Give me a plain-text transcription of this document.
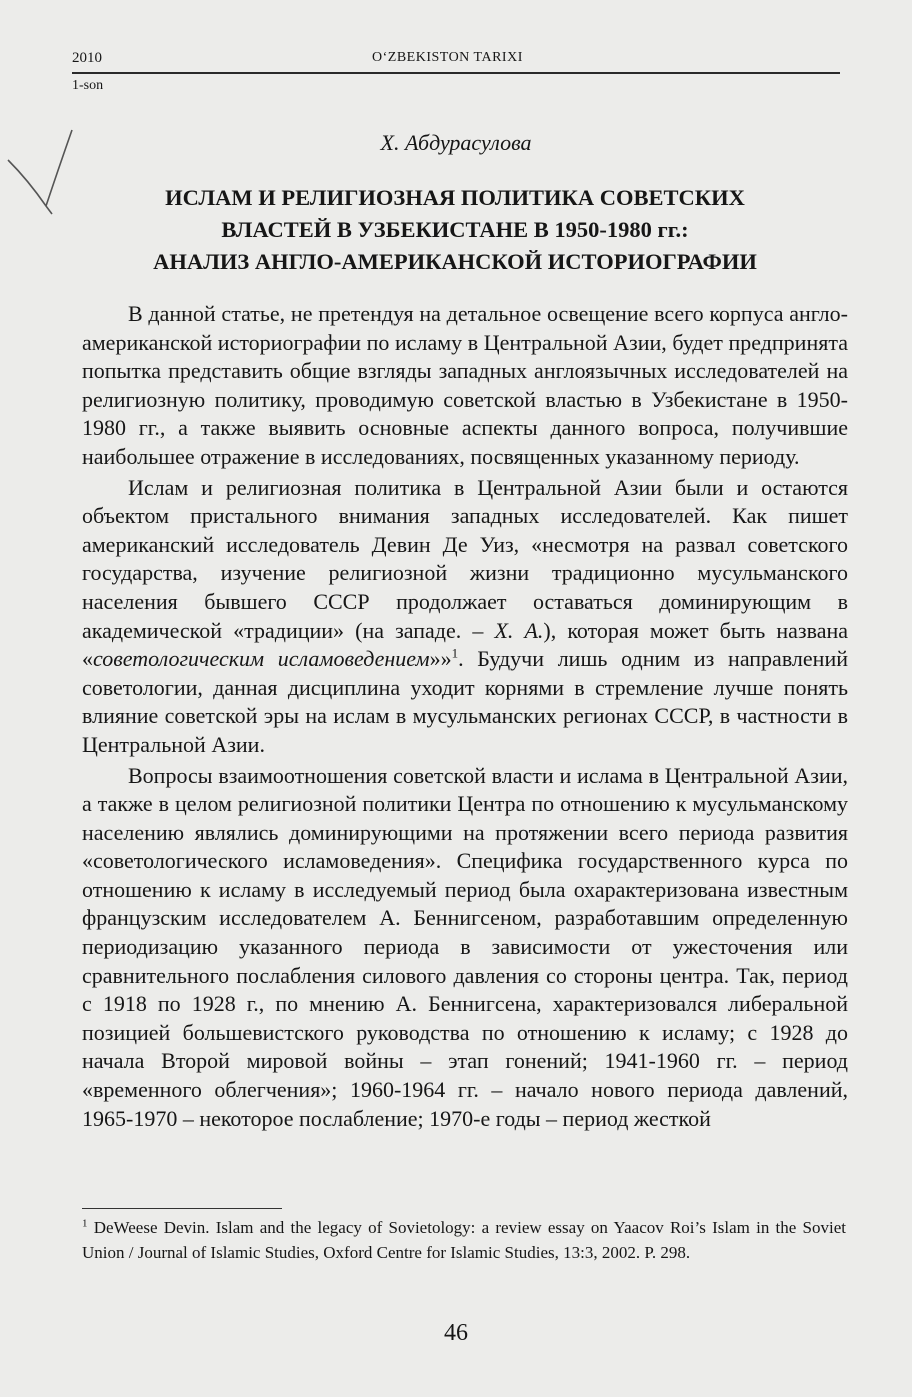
2010	O‘ZBEKISTON TARIXI
1-son
Х. Абдурасулова
ИСЛАМ И РЕЛИГИОЗНАЯ ПОЛИТИКА СОВЕТСКИХ
ВЛАСТЕЙ В УЗБЕКИСТАНЕ В 1950-1980 гг.:
АНАЛИЗ АНГЛО-АМЕРИКАНСКОЙ ИСТОРИОГРАФИИ

В данной статье, не претендуя на детальное освещение всего корпуса англо-американской историографии по исламу в Центральной Азии, будет предпринята попытка представить общие взгляды западных англоязычных исследователей на религиозную политику, проводимую советской властью в Узбекистане в 1950-1980 гг., а также выявить основные аспекты данного вопроса, получившие наибольшее отражение в исследованиях, посвященных указанному периоду.

Ислам и религиозная политика в Центральной Азии были и остаются объектом пристального внимания западных исследователей. Как пишет американский исследователь Девин Де Уиз, «несмотря на развал советского государства, изучение религиозной жизни традиционно мусульманского населения бывшего СССР продолжает оставаться доминирующим в академической «традиции» (на западе. – Х. А.), которая может быть названа «советологическим исламоведением»»$^1$. Будучи лишь одним из направлений советологии, данная дисциплина уходит корнями в стремление лучше понять влияние советской эры на ислам в мусульманских регионах СССР, в частности в Центральной Азии.

Вопросы взаимоотношения советской власти и ислама в Центральной Азии, а также в целом религиозной политики Центра по отношению к мусульманскому населению являлись доминирующими на протяжении всего периода развития «советологического исламоведения». Специфика государственного курса по отношению к исламу в исследуемый период была охарактеризована известным французским исследователем А. Беннигсеном, разработавшим определенную периодизацию указанного периода в зависимости от ужесточения или сравнительного послабления силового давления со стороны центра. Так, период с 1918 по 1928 г., по мнению А. Беннигсена, характеризовался либеральной позицией большевистского руководства по отношению к исламу; с 1928 до начала Второй мировой войны – этап гонений; 1941-1960 гг. – период «временного облегчения»; 1960-1964 гг. – начало нового периода давлений, 1965-1970 – некоторое послабление; 1970-е годы – период жесткой

$^1$ DeWeese Devin. Islam and the legacy of Sovietology: a review essay on Yaacov Roi’s Islam in the Soviet Union / Journal of Islamic Studies, Oxford Centre for Islamic Studies, 13:3, 2002. P. 298.

46
